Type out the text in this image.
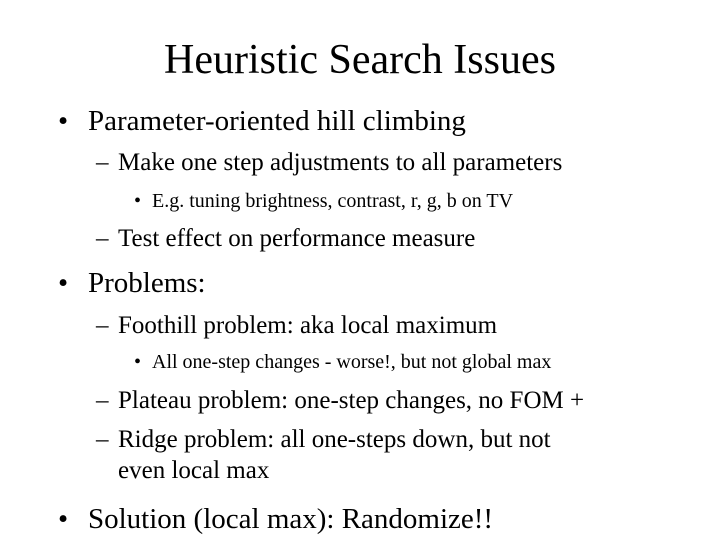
Heuristic Search Issues
• Parameter-oriented hill climbing
– Make one step adjustments to all parameters
• E.g. tuning brightness, contrast, r, g, b on TV
– Test effect on performance measure
• Problems:
– Foothill problem: aka local maximum
• All one-step changes - worse!, but not global max
– Plateau problem: one-step changes, no FOM +
– Ridge problem: all one-steps down, but not
even local max
• Solution (local max): Randomize!!
